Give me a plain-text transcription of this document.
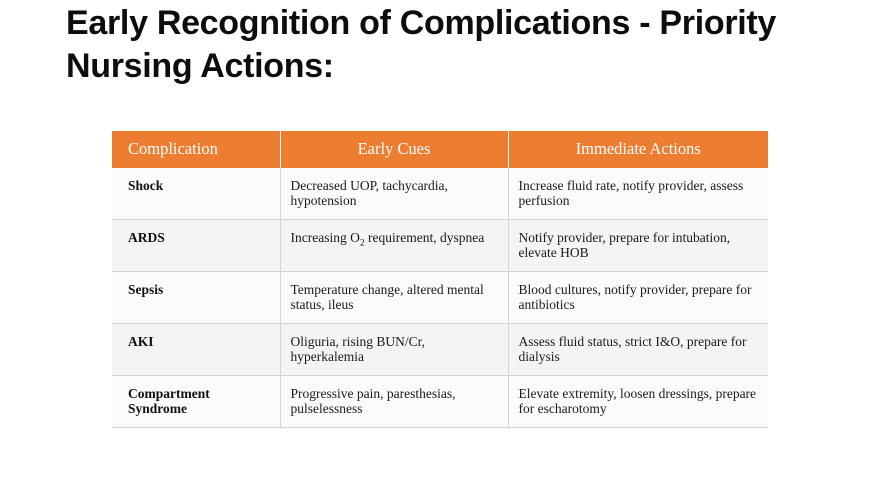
Early Recognition of Complications - Priority Nursing Actions:
Complication	Early Cues	Immediate Actions
Shock	Decreased UOP, tachycardia, hypotension	Increase fluid rate, notify provider, assess perfusion
ARDS	Increasing $O_2$ requirement, dyspnea	Notify provider, prepare for intubation, elevate HOB
Sepsis	Temperature change, altered mental status, ileus	Blood cultures, notify provider, prepare for antibiotics
AKI	Oliguria, rising BUN/Cr, hyperkalemia	Assess fluid status, strict I&O, prepare for dialysis
Compartment Syndrome	Progressive pain, paresthesias, pulselessness	Elevate extremity, loosen dressings, prepare for escharotomy
